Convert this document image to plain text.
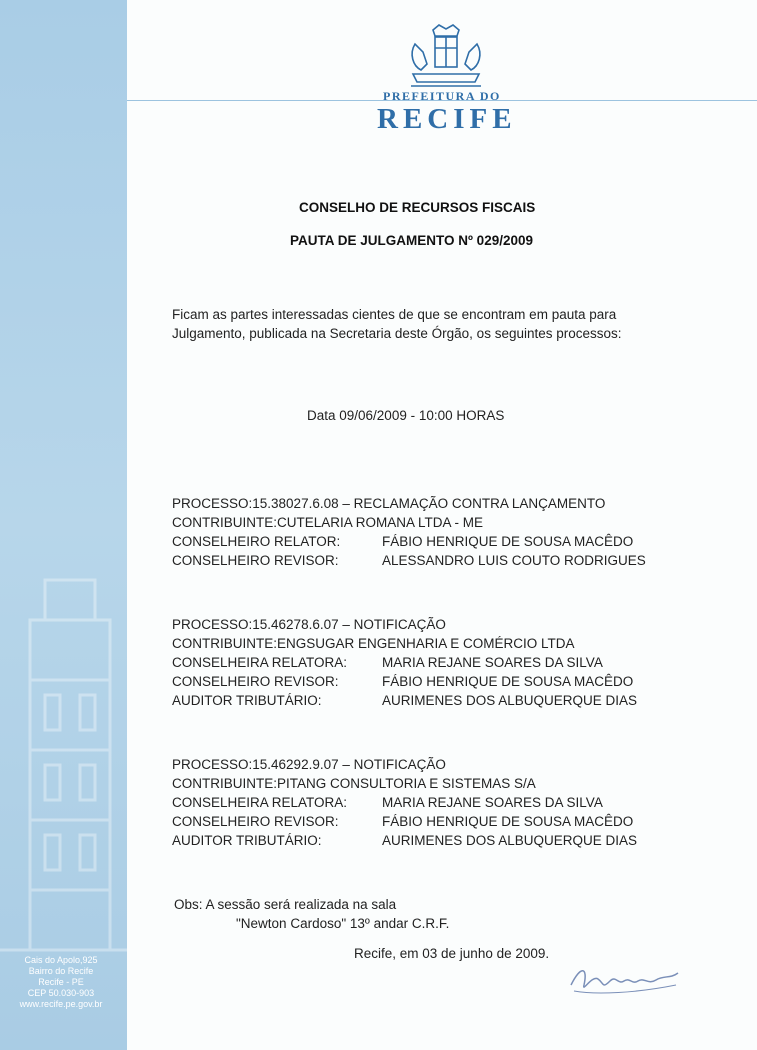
Cais do Apolo,925
Bairro do Recife
Recife - PE
CEP 50.030-903
www.recife.pe.gov.br
PREFEITURA DO
RECIFE
CONSELHO DE RECURSOS FISCAIS
PAUTA DE JULGAMENTO Nº 029/2009
Ficam as partes interessadas cientes de que se encontram em pauta para
Julgamento, publicada na Secretaria deste Órgão, os seguintes processos:
Data 09/06/2009 - 10:00 HORAS
PROCESSO:15.38027.6.08 – RECLAMAÇÃO CONTRA LANÇAMENTO
CONTRIBUINTE:CUTELARIA ROMANA LTDA - ME
CONSELHEIRO RELATOR:	FÁBIO HENRIQUE DE SOUSA MACÊDO
CONSELHEIRO REVISOR:	ALESSANDRO LUIS COUTO RODRIGUES
PROCESSO:15.46278.6.07 – NOTIFICAÇÃO
CONTRIBUINTE:ENGSUGAR ENGENHARIA E COMÉRCIO LTDA
CONSELHEIRA RELATORA:	MARIA REJANE SOARES DA SILVA
CONSELHEIRO REVISOR:	FÁBIO HENRIQUE DE SOUSA MACÊDO
AUDITOR TRIBUTÁRIO:	AURIMENES DOS ALBUQUERQUE DIAS
PROCESSO:15.46292.9.07 – NOTIFICAÇÃO
CONTRIBUINTE:PITANG CONSULTORIA E SISTEMAS S/A
CONSELHEIRA RELATORA:	MARIA REJANE SOARES DA SILVA
CONSELHEIRO REVISOR:	FÁBIO HENRIQUE DE SOUSA MACÊDO
AUDITOR TRIBUTÁRIO:	AURIMENES DOS ALBUQUERQUE DIAS
Obs: A sessão será realizada na sala
"Newton Cardoso" 13º andar C.R.F.
Recife, em 03 de junho de 2009.
